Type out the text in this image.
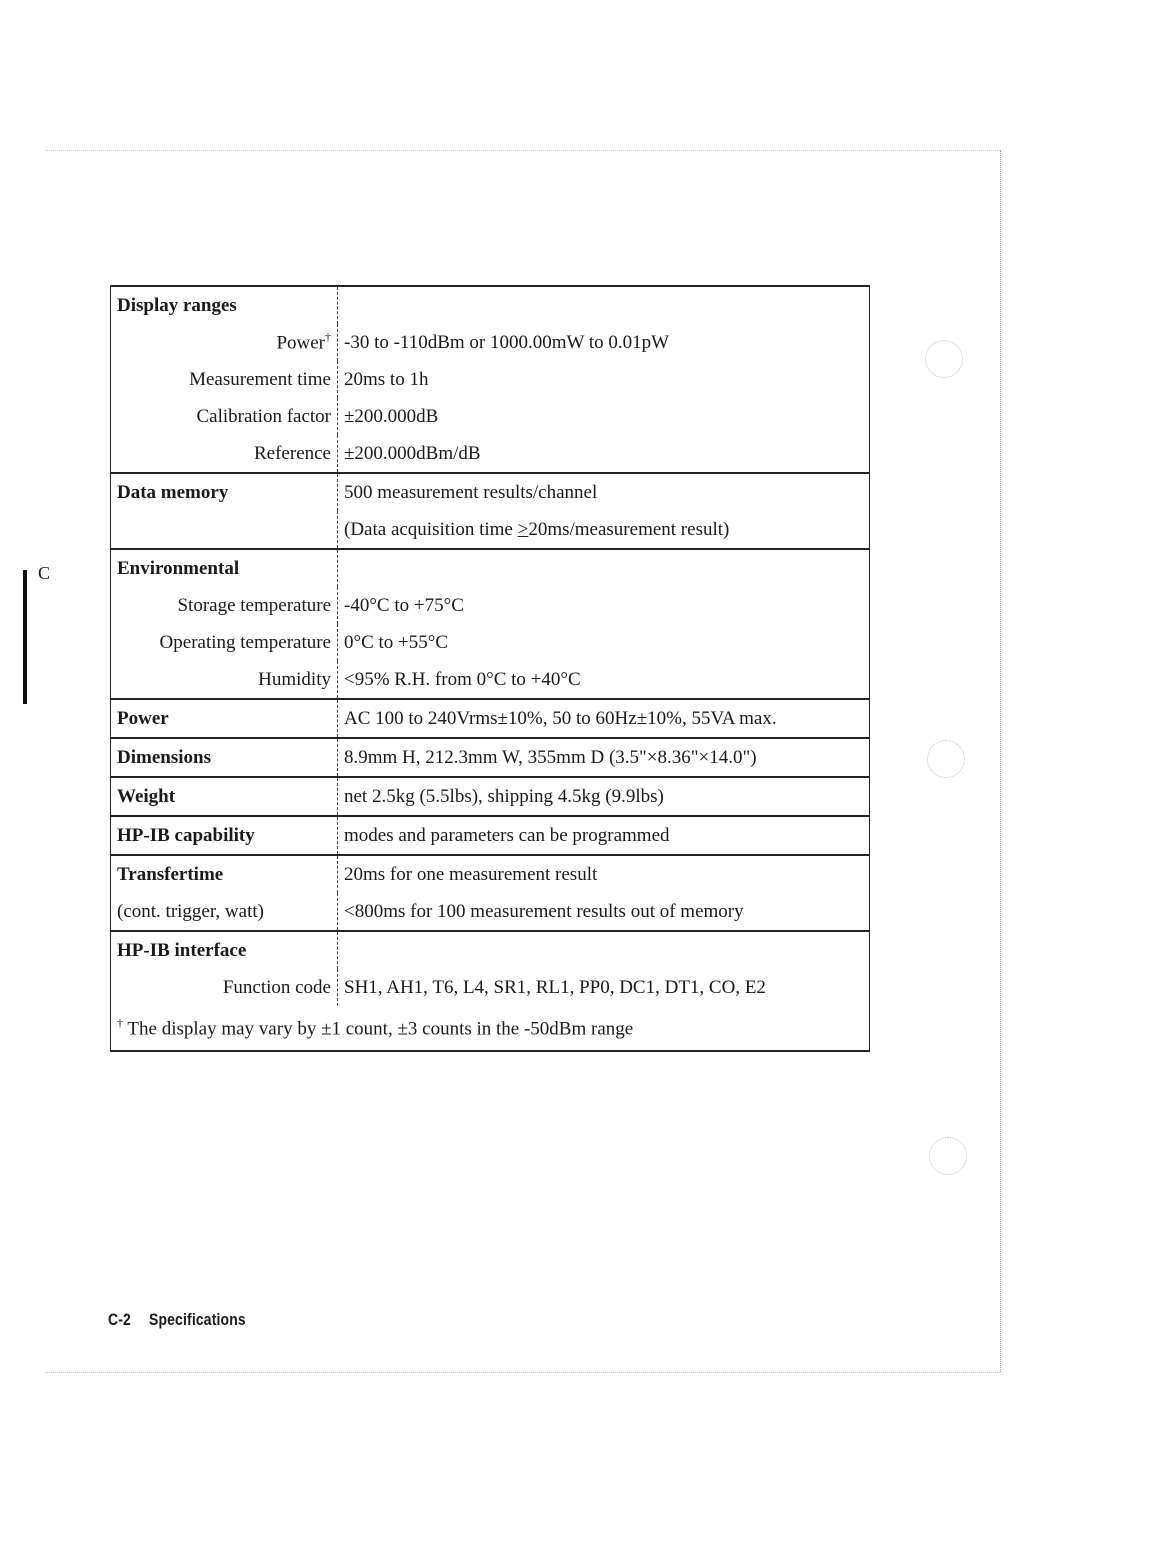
C
Display ranges	
Power†	-30 to -110dBm or 1000.00mW to 0.01pW
Measurement time	20ms to 1h
Calibration factor	±200.000dB
Reference	±200.000dBm/dB
Data memory	500 measurement results/channel
	(Data acquisition time >20ms/measurement result)
Environmental	
Storage temperature	-40°C to +75°C
Operating temperature	0°C to +55°C
Humidity	<95% R.H. from 0°C to +40°C
Power	AC 100 to 240Vrms±10%, 50 to 60Hz±10%, 55VA max.
Dimensions	8.9mm H, 212.3mm W, 355mm D (3.5"×8.36"×14.0")
Weight	net 2.5kg (5.5lbs), shipping 4.5kg (9.9lbs)
HP-IB capability	modes and parameters can be programmed
Transfertime	20ms for one measurement result
(cont. trigger, watt)	<800ms for 100 measurement results out of memory
HP-IB interface	
Function code	SH1, AH1, T6, L4, SR1, RL1, PP0, DC1, DT1, CO, E2
† The display may vary by ±1 count, ±3 counts in the -50dBm range	
C-2 Specifications
